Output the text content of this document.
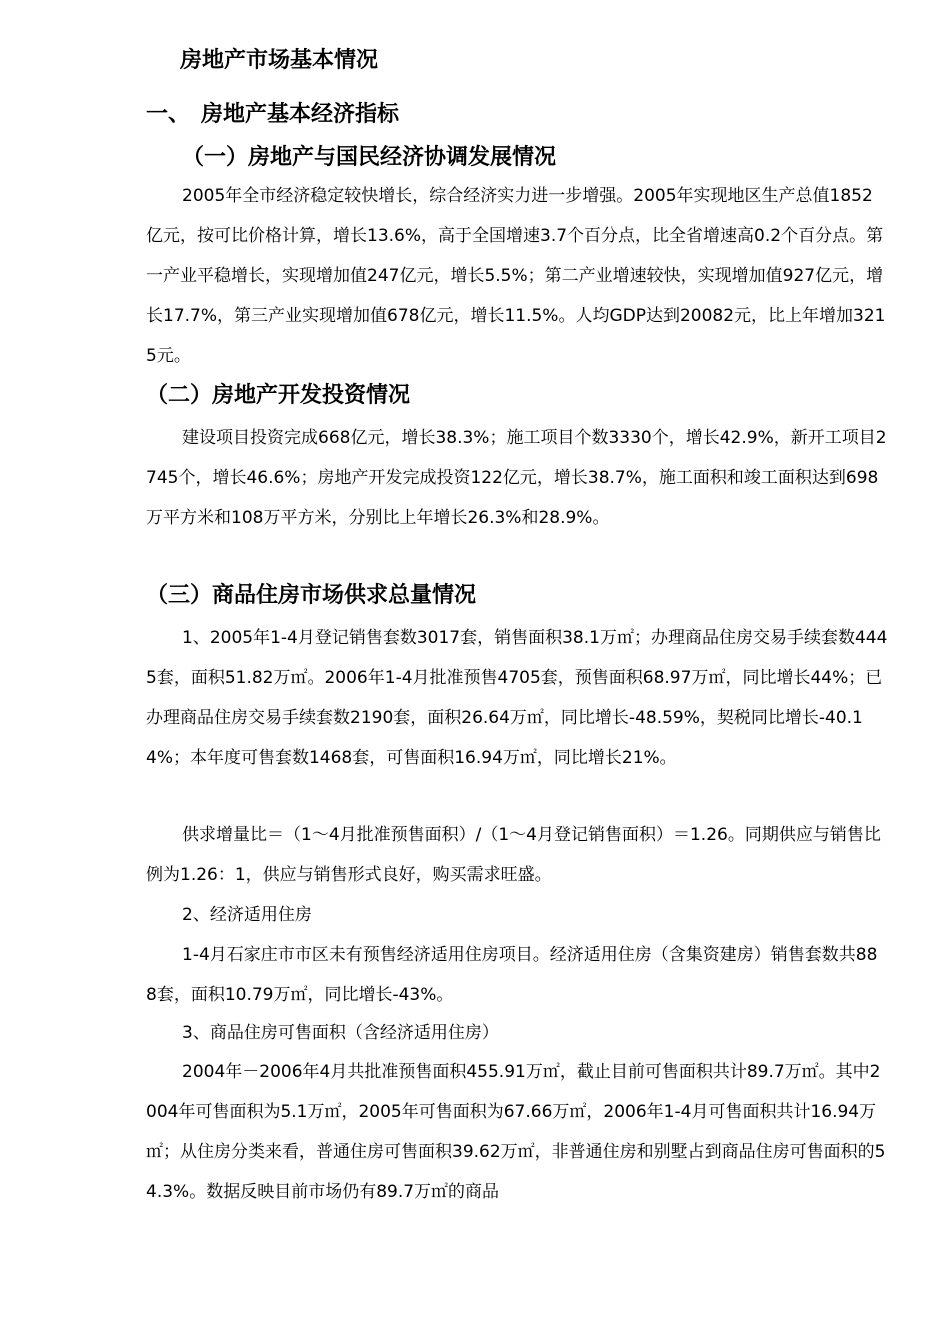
房地产市场基本情况
一、 房地产基本经济指标
（一）房地产与国民经济协调发展情况
2005年全市经济稳定较快增长，综合经济实力进一步增强。2005年实现地区生产总值1852亿元，按可比价格计算，增长13.6%，高于全国增速3.7个百分点，比全省增速高0.2个百分点。第一产业平稳增长，实现增加值247亿元，增长5.5%；第二产业增速较快，实现增加值927亿元，增长17.7%，第三产业实现增加值678亿元，增长11.5%。人均GDP达到20082元，比上年增加3215元。
（二）房地产开发投资情况
建设项目投资完成668亿元，增长38.3%；施工项目个数3330个，增长42.9%，新开工项目2745个，增长46.6%；房地产开发完成投资122亿元，增长38.7%，施工面积和竣工面积达到698万平方米和108万平方米，分别比上年增长26.3%和28.9%。
（三）商品住房市场供求总量情况
1、2005年1-4月登记销售套数3017套，销售面积38.1万㎡；办理商品住房交易手续套数4445套，面积51.82万㎡。2006年1-4月批准预售4705套，预售面积68.97万㎡，同比增长44%；已办理商品住房交易手续套数2190套，面积26.64万㎡，同比增长-48.59%，契税同比增长-40.14%；本年度可售套数1468套，可售面积16.94万㎡，同比增长21%。
供求增量比＝（1～4月批准预售面积）/（1～4月登记销售面积）＝1.26。同期供应与销售比例为1.26：1，供应与销售形式良好，购买需求旺盛。
2、经济适用住房
1-4月石家庄市市区未有预售经济适用住房项目。经济适用住房（含集资建房）销售套数共888套，面积10.79万㎡，同比增长-43%。
3、商品住房可售面积（含经济适用住房）
2004年－2006年4月共批准预售面积455.91万㎡，截止目前可售面积共计89.7万㎡。其中2004年可售面积为5.1万㎡，2005年可售面积为67.66万㎡，2006年1-4月可售面积共计16.94万㎡；从住房分类来看，普通住房可售面积39.62万㎡，非普通住房和别墅占到商品住房可售面积的54.3%。数据反映目前市场仍有89.7万㎡的商品
